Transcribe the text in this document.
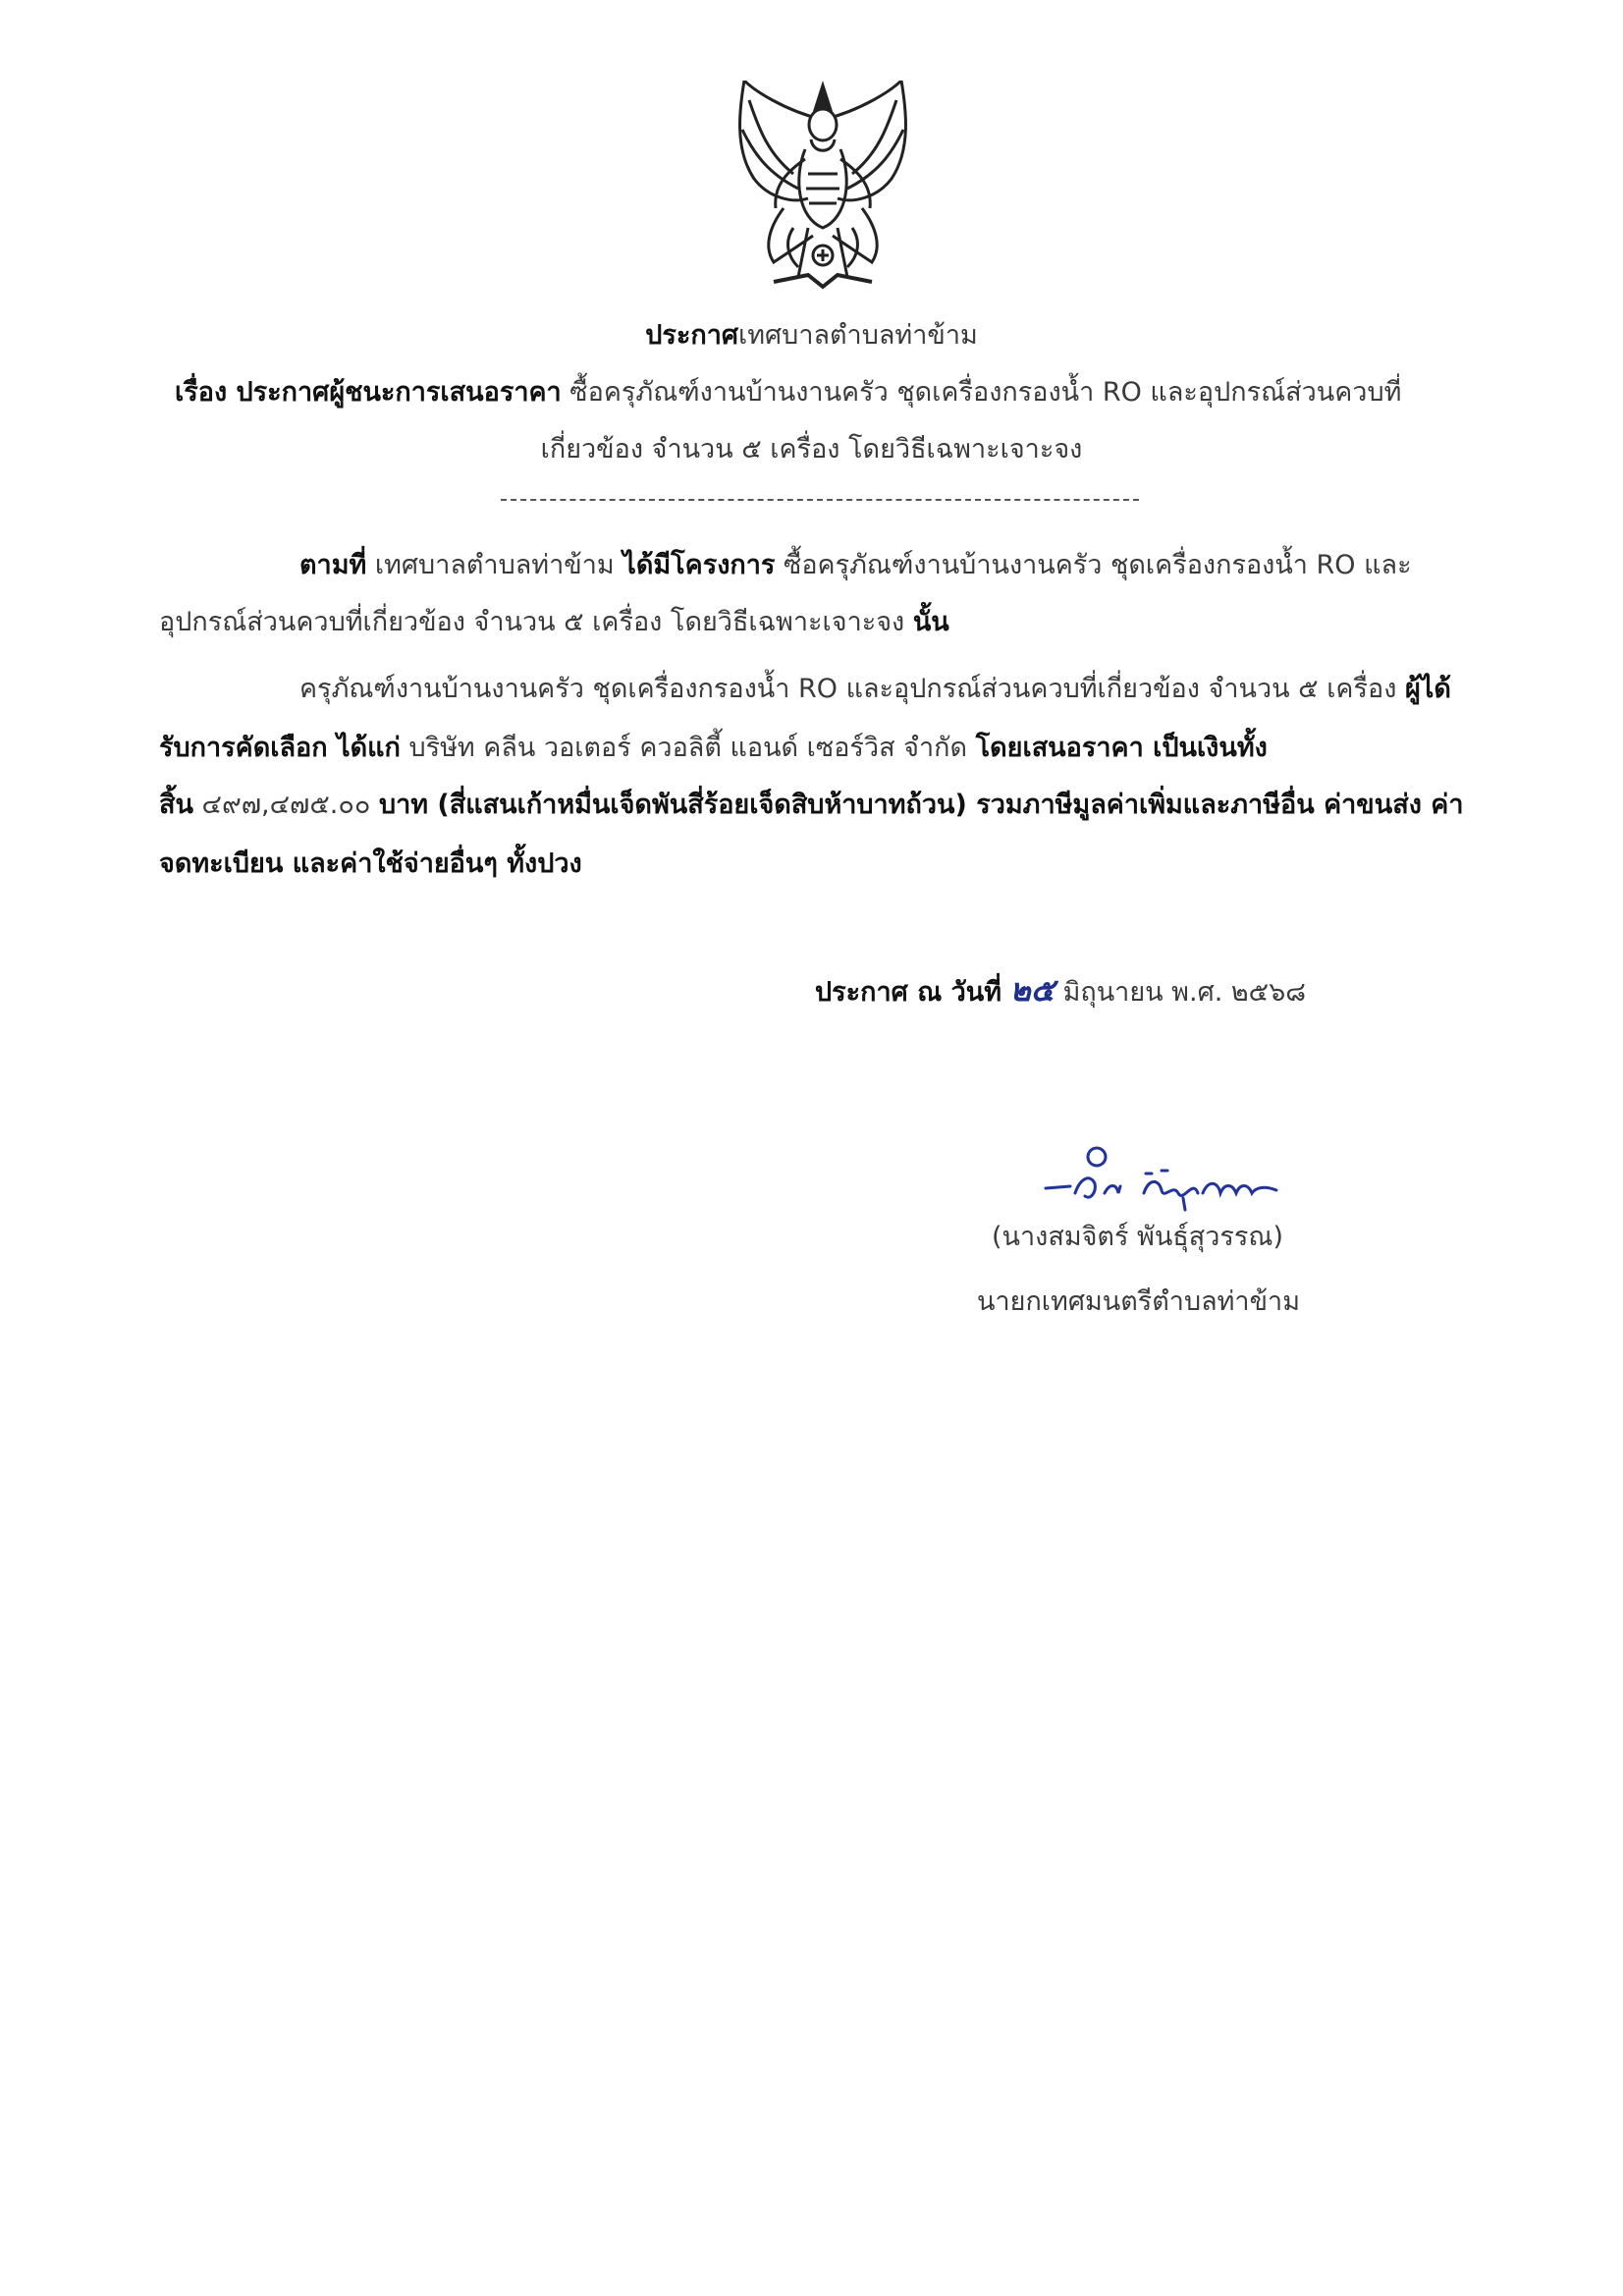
ประกาศเทศบาลตำบลท่าข้าม
เรื่อง ประกาศผู้ชนะการเสนอราคา ซื้อครุภัณฑ์งานบ้านงานครัว ชุดเครื่องกรองน้ำ RO และอุปกรณ์ส่วนควบที่
เกี่ยวข้อง จำนวน ๕ เครื่อง โดยวิธีเฉพาะเจาะจง
ตามที่ เทศบาลตำบลท่าข้าม ได้มีโครงการ ซื้อครุภัณฑ์งานบ้านงานครัว ชุดเครื่องกรองน้ำ RO และ
อุปกรณ์ส่วนควบที่เกี่ยวข้อง จำนวน ๕ เครื่อง โดยวิธีเฉพาะเจาะจง นั้น
ครุภัณฑ์งานบ้านงานครัว ชุดเครื่องกรองน้ำ RO และอุปกรณ์ส่วนควบที่เกี่ยวข้อง จำนวน ๕ เครื่อง ผู้ได้
รับการคัดเลือก ได้แก่ บริษัท คลีน วอเตอร์ ควอลิตี้ แอนด์ เซอร์วิส จำกัด โดยเสนอราคา เป็นเงินทั้ง
สิ้น ๔๙๗,๔๗๕.๐๐ บาท (สี่แสนเก้าหมื่นเจ็ดพันสี่ร้อยเจ็ดสิบห้าบาทถ้วน) รวมภาษีมูลค่าเพิ่มและภาษีอื่น ค่าขนส่ง ค่า
จดทะเบียน และค่าใช้จ่ายอื่นๆ ทั้งปวง
ประกาศ ณ วันที่ ๒๕ มิถุนายน พ.ศ. ๒๕๖๘
(นางสมจิตร์ พันธุ์สุวรรณ)
นายกเทศมนตรีตำบลท่าข้าม
